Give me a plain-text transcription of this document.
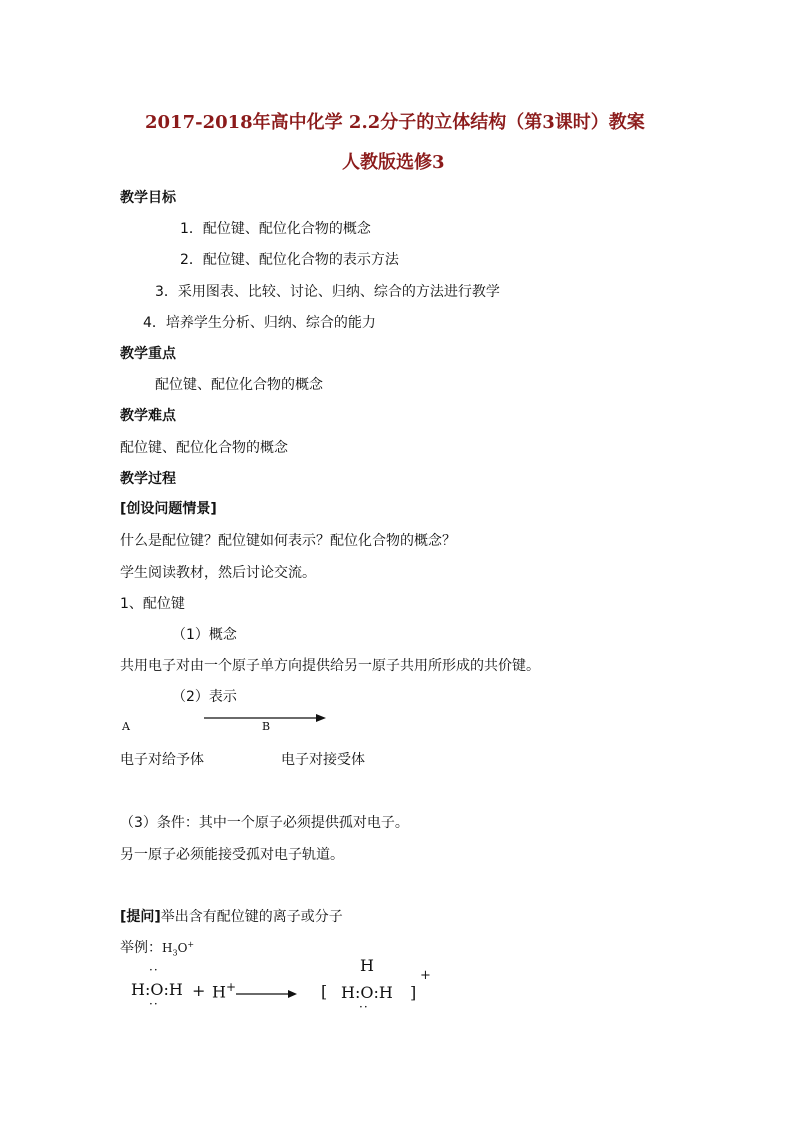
2017-2018年高中化学 2.2分子的立体结构（第3课时）教案
人教版选修3
教学目标
1．配位键、配位化合物的概念
2．配位键、配位化合物的表示方法
3．采用图表、比较、讨论、归纳、综合的方法进行教学
4．培养学生分析、归纳、综合的能力
教学重点
配位键、配位化合物的概念
教学难点
配位键、配位化合物的概念
教学过程
[创设问题情景]
什么是配位键？配位键如何表示？配位化合物的概念？
学生阅读教材，然后讨论交流。
1、配位键
（1）概念
共用电子对由一个原子单方向提供给另一原子共用所形成的共价键。
（2）表示
A	B
电子对给予体	电子对接受体
（3）条件：其中一个原子必须提供孤对电子。
另一原子必须能接受孤对电子轨道。
[提问]举出含有配位键的离子或分子
举例：$H_3O^+$
··
H:O:H
··
+ H+ → [
H
H:O:H
··
]
+
